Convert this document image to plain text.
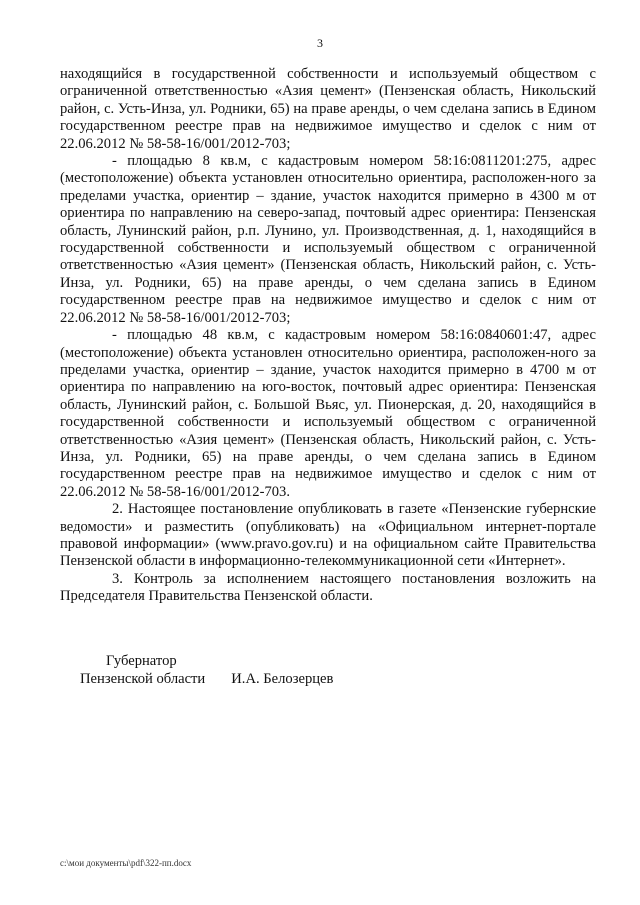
3

находящийся в государственной собственности и используемый обществом с ограниченной ответственностью «Азия цемент» (Пензенская область, Никольский район, с. Усть-Инза, ул. Родники, 65) на праве аренды, о чем сделана запись в Едином государственном реестре прав на недвижимое имущество и сделок с ним от 22.06.2012 № 58-58-16/001/2012-703;

- площадью 8 кв.м, с кадастровым номером 58:16:0811201:275, адрес (местоположение) объекта установлен относительно ориентира, расположен-ного за пределами участка, ориентир – здание, участок находится примерно в 4300 м от ориентира по направлению на северо-запад, почтовый адрес ориентира: Пензенская область, Лунинский район, р.п. Лунино, ул. Производственная, д. 1, находящийся в государственной собственности и используемый обществом с ограниченной ответственностью «Азия цемент» (Пензенская область, Никольский район, с. Усть-Инза, ул. Родники, 65) на праве аренды, о чем сделана запись в Едином государственном реестре прав на недвижимое имущество и сделок с ним от 22.06.2012 № 58-58-16/001/2012-703;

- площадью 48 кв.м, с кадастровым номером 58:16:0840601:47, адрес (местоположение) объекта установлен относительно ориентира, расположен-ного за пределами участка, ориентир – здание, участок находится примерно в 4700 м от ориентира по направлению на юго-восток, почтовый адрес ориентира: Пензенская область, Лунинский район, с. Большой Вьяс, ул. Пионерская, д. 20, находящийся в государственной собственности и используемый обществом с ограниченной ответственностью «Азия цемент» (Пензенская область, Никольский район, с. Усть-Инза, ул. Родники, 65) на праве аренды, о чем сделана запись в Едином государственном реестре прав на недвижимое имущество и сделок с ним от 22.06.2012 № 58-58-16/001/2012-703.

2. Настоящее постановление опубликовать в газете «Пензенские губернские ведомости» и разместить (опубликовать) на «Официальном интернет-портале правовой информации» (www.pravo.gov.ru) и на официальном сайте Правительства Пензенской области в информационно-телекоммуникационной сети «Интернет».

3. Контроль за исполнением настоящего постановления возложить на Председателя Правительства Пензенской области.

Губернатор
Пензенской области И.А. Белозерцев
c:\мои документы\pdf\322-пп.docx
